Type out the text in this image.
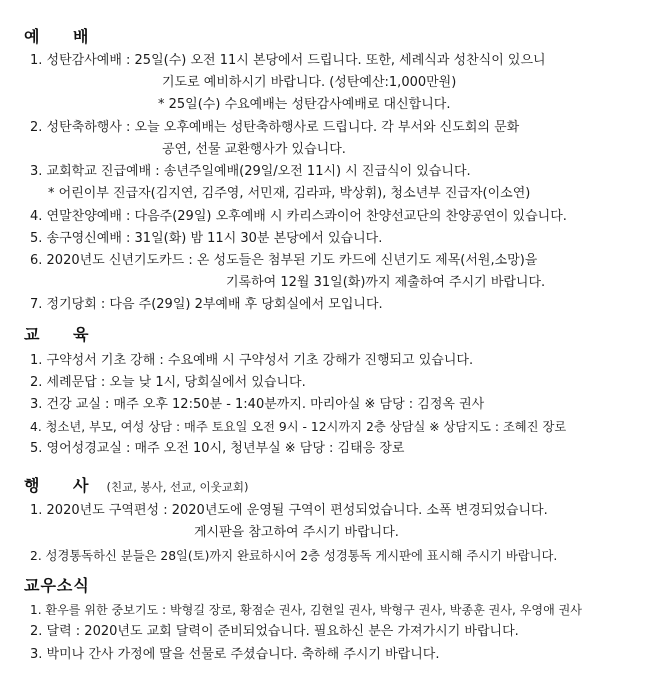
예 배
1. 성탄감사예배 : 25일(수) 오전 11시 본당에서 드립니다. 또한, 세례식과 성찬식이 있으니
기도로 예비하시기 바랍니다. (성탄예산:1,000만원)
* 25일(수) 수요예배는 성탄감사예배로 대신합니다.
2. 성탄축하행사 : 오늘 오후예배는 성탄축하행사로 드립니다. 각 부서와 신도회의 문화
공연, 선물 교환행사가 있습니다.
3. 교회학교 진급예배 : 송년주일예배(29일/오전 11시) 시 진급식이 있습니다.
* 어린이부 진급자(김지연, 김주영, 서민재, 김라파, 박상휘), 청소년부 진급자(이소연)
4. 연말찬양예배 : 다음주(29일) 오후예배 시 카리스콰이어 찬양선교단의 찬양공연이 있습니다.
5. 송구영신예배 : 31일(화) 밤 11시 30분 본당에서 있습니다.
6. 2020년도 신년기도카드 : 온 성도들은 첨부된 기도 카드에 신년기도 제목(서원,소망)을
기록하여 12월 31일(화)까지 제출하여 주시기 바랍니다.
7. 정기당회 : 다음 주(29일) 2부예배 후 당회실에서 모입니다.
교 육
1. 구약성서 기초 강해 : 수요예배 시 구약성서 기초 강해가 진행되고 있습니다.
2. 세례문답 : 오늘 낮 1시, 당회실에서 있습니다.
3. 건강 교실 : 매주 오후 12:50분 - 1:40분까지. 마리아실 ※ 담당 : 김정옥 권사
4. 청소년, 부모, 여성 상담 : 매주 토요일 오전 9시 - 12시까지 2층 상담실 ※ 상담지도 : 조혜진 장로
5. 영어성경교실 : 매주 오전 10시, 청년부실 ※ 담당 : 김태응 장로
행 사 (친교, 봉사, 선교, 이웃교회)
1. 2020년도 구역편성 : 2020년도에 운영될 구역이 편성되었습니다. 소폭 변경되었습니다.
게시판을 참고하여 주시기 바랍니다.
2. 성경통독하신 분들은 28일(토)까지 완료하시어 2층 성경통독 게시판에 표시해 주시기 바랍니다.
교우소식
1. 환우를 위한 중보기도 : 박형길 장로, 황점순 권사, 김현일 권사, 박형구 권사, 박종훈 권사, 우영애 권사
2. 달력 : 2020년도 교회 달력이 준비되었습니다. 필요하신 분은 가져가시기 바랍니다.
3. 박미나 간사 가정에 딸을 선물로 주셨습니다. 축하해 주시기 바랍니다.
